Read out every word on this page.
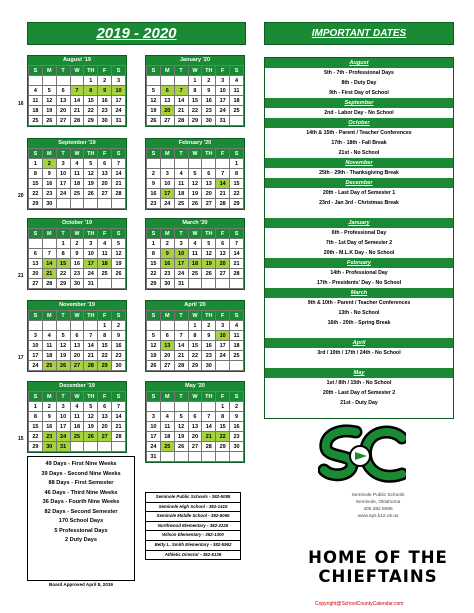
2019 - 2020	IMPORTANT DATES
August '19
S	M	T	W	TH	F	S
				1	2	3
4	5	6	7	8	9	10
11	12	13	14	15	16	17
18	19	20	21	22	23	24
25	26	27	28	29	30	31
16
January '20
S	M	T	W	TH	F	S
			1	2	3	4
5	6	7	8	9	10	11
12	13	14	15	16	17	18
19	20	21	22	23	24	25
26	27	28	29	30	31	
September '19
S	M	T	W	TH	F	S
1	2	3	4	5	6	7
8	9	10	11	12	13	14
15	16	17	18	19	20	21
22	23	24	25	26	27	28
29	30					
20
February '20
S	M	T	W	TH	F	S
						1
2	3	4	5	6	7	8
9	10	11	12	13	14	15
16	17	18	19	20	21	22
23	24	25	26	27	28	29
October '19
S	M	T	W	TH	F	S
		1	2	3	4	5
6	7	8	9	10	11	12
13	14	15	16	17	18	19
20	21	22	23	24	25	26
27	28	29	30	31		
21
March '20
S	M	T	W	TH	F	S
1	2	3	4	5	6	7
8	9	10	11	12	13	14
15	16	17	18	19	20	21
22	23	24	25	26	27	28
29	30	31				
November '19
S	M	T	W	TH	F	S
					1	2
3	4	5	6	7	8	9
10	11	12	13	14	15	16
17	18	19	20	21	22	23
24	25	26	27	28	29	30
17
April '20
S	M	T	W	TH	F	S
			1	2	3	4
5	6	7	8	9	10	11
12	13	14	15	16	17	18
19	20	21	22	23	24	25
26	27	28	29	30		
December '19
S	M	T	W	TH	F	S
1	2	3	4	5	6	7
8	9	10	11	12	13	14
15	16	17	18	19	20	21
22	23	24	25	26	27	28
29	30	31				
15
May '20
S	M	T	W	TH	F	S
					1	2
3	4	5	6	7	8	9
10	11	12	13	14	15	16
17	18	19	20	21	22	23
24	25	26	27	28	29	30
31						
August
5th - 7th - Professional Days
8th - Duty Day
9th - First Day of School
September
2nd - Labor Day - No School
October
14th & 15th - Parent / Teacher Conferences
17th - 18th - Fall Break
21st - No School
November
25th - 29th - Thanksgiving Break
December
20th - Last Day of Semester 1
23rd - Jan 3rd - Christmas Break
January
6th - Professional Day
7th - 1st Day of Semester 2
20th - M.L.K Day - No School
February
14th - Professional Day
17th - Presidents' Day - No School
March
9th & 10th - Parent / Teacher Conferences
13th - No School
16th - 20th - Spring Break
April
3rd / 10th / 17th / 24th - No School
May
1st / 8th / 15th - No School
20th - Last Day of Semester 2
21st - Duty Day
Seminole Public Schools
Seminole, Oklahoma
405.382.5085
www.sps.k12.ok.us
HOME OF THE
CHIEFTAINS
49 Days - First Nine Weeks
39 Days - Second Nine Weeks
88 Days - First Semester
46 Days - Third Nine Weeks
36 Days - Fourth Nine Weeks
82 Days - Second Semester
170 School Days
5 Professional Days
2 Duty Days
Board Approved April 8, 2019
Seminole Public Schools - 382-5085
Seminole High School - 382-1415
Seminole Middle School - 382-5065
Northwood Elementary - 382-2225
Wilson Elementary - 382-1300
Betty L. Smith Elementary - 382-5962
Athletic Director - 382-5138
Copyright@SchoolCountyCalendar.com
